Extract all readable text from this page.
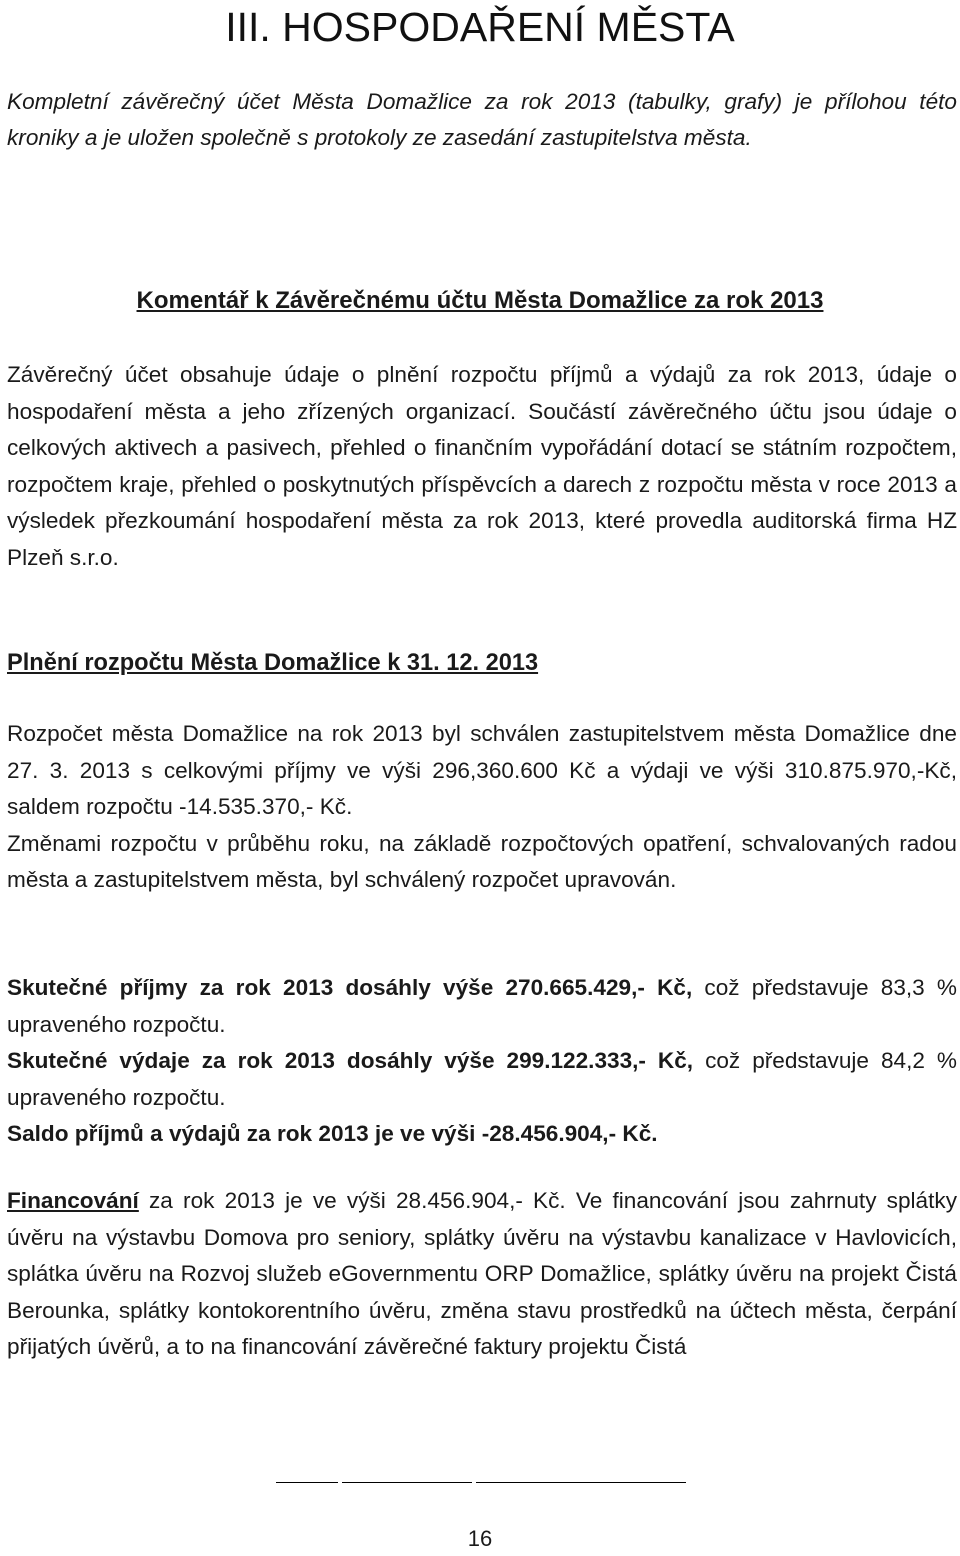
III. HOSPODAŘENÍ MĚSTA

Kompletní závěrečný účet Města Domažlice za rok 2013 (tabulky, grafy) je přílohou této kroniky a je uložen společně s protokoly ze zasedání zastupitelstva města.

Komentář k Závěrečnému účtu Města Domažlice za rok 2013

Závěrečný účet obsahuje údaje o plnění rozpočtu příjmů a výdajů za rok 2013, údaje o hospodaření města a jeho zřízených organizací. Součástí závěrečného účtu jsou údaje o celkových aktivech a pasivech, přehled o finančním vypořádání dotací se státním rozpočtem, rozpočtem kraje, přehled o poskytnutých příspěvcích a darech z rozpočtu města v roce 2013 a výsledek přezkoumání hospodaření města za rok 2013, které provedla auditorská firma HZ Plzeň s.r.o.

Plnění rozpočtu Města Domažlice k 31. 12. 2013
Rozpočet města Domažlice na rok 2013 byl schválen zastupitelstvem města Domažlice dne 27. 3. 2013 s celkovými příjmy ve výši 296,360.600 Kč a výdaji ve výši 310.875.970,-Kč, saldem rozpočtu -14.535.370,- Kč.
Změnami rozpočtu v průběhu roku, na základě rozpočtových opatření, schvalovaných radou města a zastupitelstvem města, byl schválený rozpočet upravován.
Skutečné příjmy za rok 2013 dosáhly výše 270.665.429,- Kč, což představuje 83,3 % upraveného rozpočtu.
Skutečné výdaje za rok 2013 dosáhly výše 299.122.333,- Kč, což představuje 84,2 % upraveného rozpočtu.
Saldo příjmů a výdajů za rok 2013 je ve výši -28.456.904,- Kč.

Financování za rok 2013 je ve výši 28.456.904,- Kč. Ve financování jsou zahrnuty splátky úvěru na výstavbu Domova pro seniory, splátky úvěru na výstavbu kanalizace v Havlovicích, splátka úvěru na Rozvoj služeb eGovernmentu ORP Domažlice, splátky úvěru na projekt Čistá Berounka, splátky kontokorentního úvěru, změna stavu prostředků na účtech města, čerpání přijatých úvěrů, a to na financování závěrečné faktury projektu Čistá

16
